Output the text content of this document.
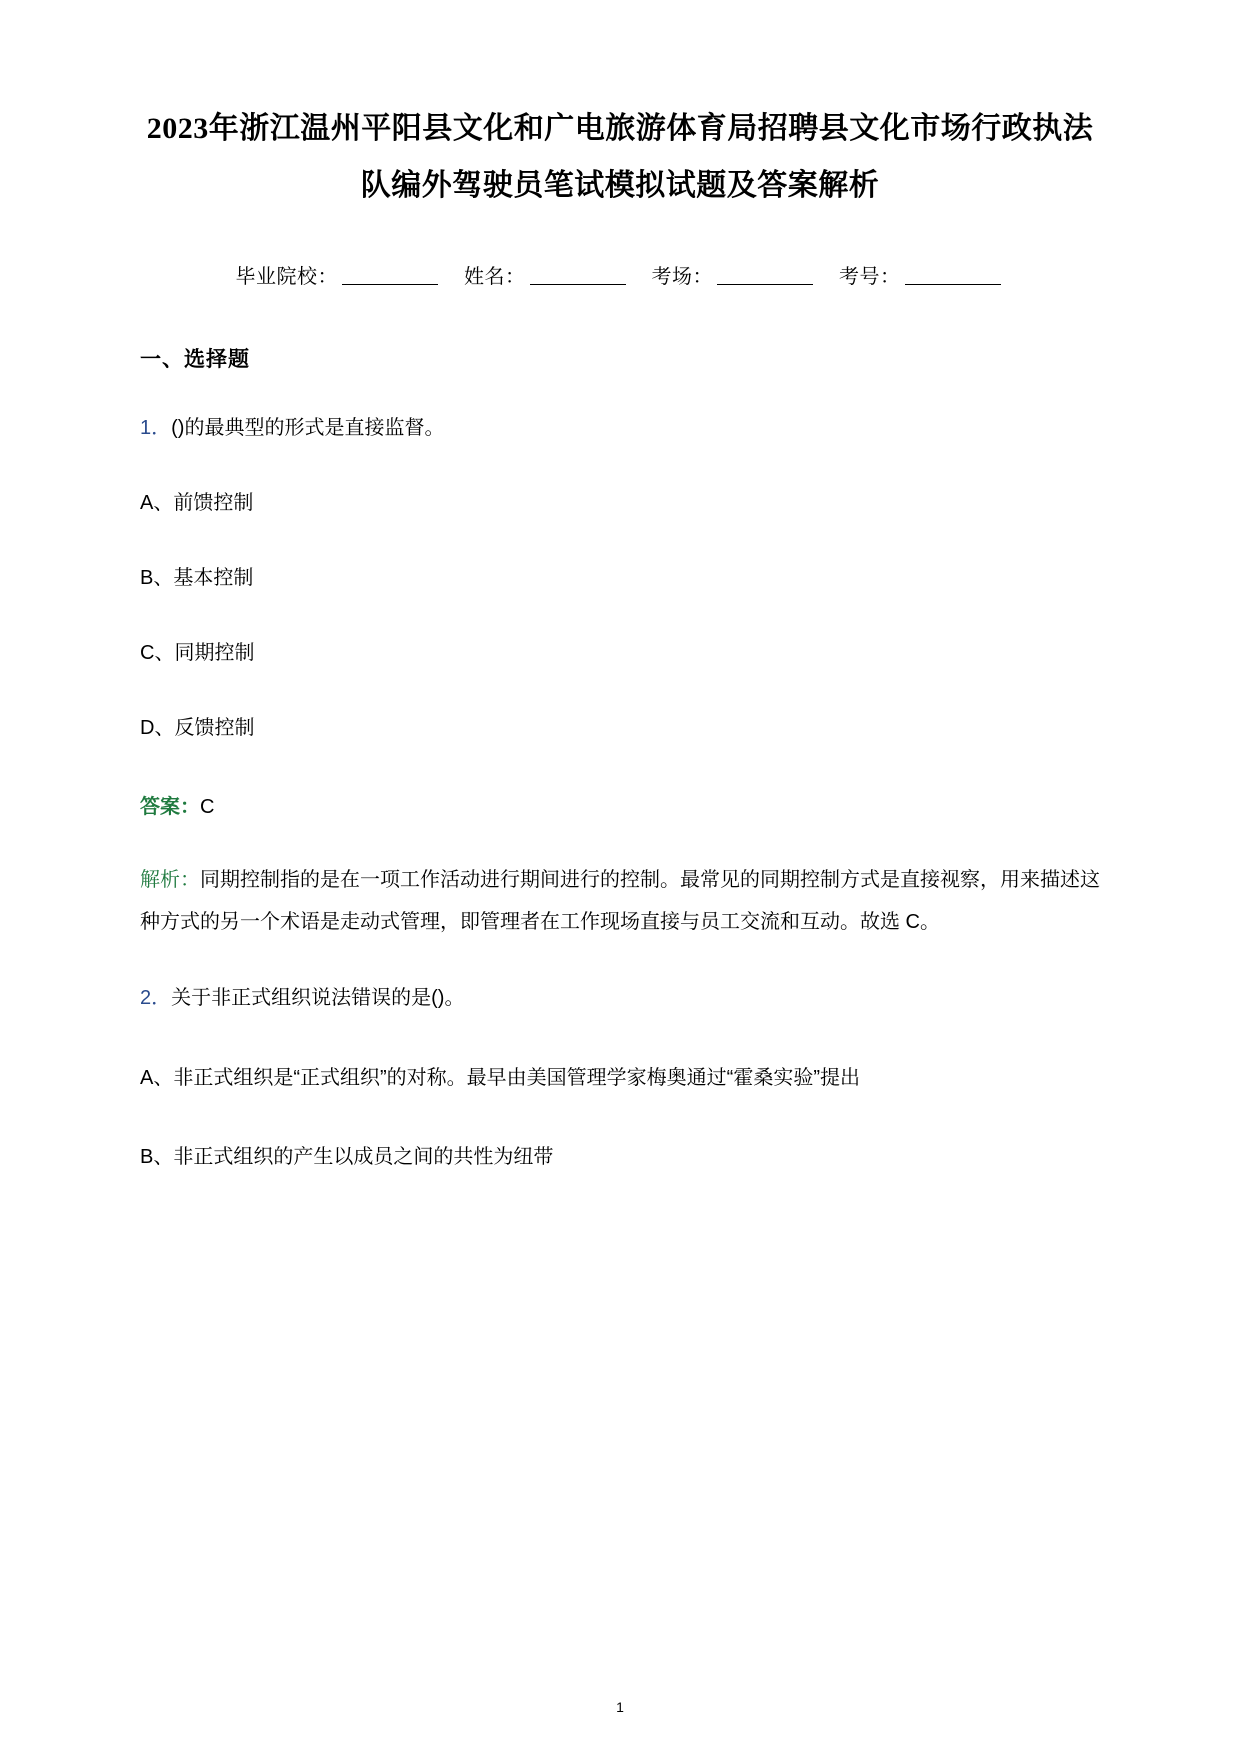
2023年浙江温州平阳县文化和广电旅游体育局招聘县文化市场行政执法队编外驾驶员笔试模拟试题及答案解析
毕业院校：	姓名：	考场：	考号：
一、选择题
1．()的最典型的形式是直接监督。
A、前馈控制
B、基本控制
C、同期控制
D、反馈控制
答案：C
解析：同期控制指的是在一项工作活动进行期间进行的控制。最常见的同期控制方式是直接视察，用来描述这种方式的另一个术语是走动式管理，即管理者在工作现场直接与员工交流和互动。故选 C。
2．关于非正式组织说法错误的是()。
A、非正式组织是“正式组织”的对称。最早由美国管理学家梅奥通过“霍桑实验”提出
B、非正式组织的产生以成员之间的共性为纽带
1
